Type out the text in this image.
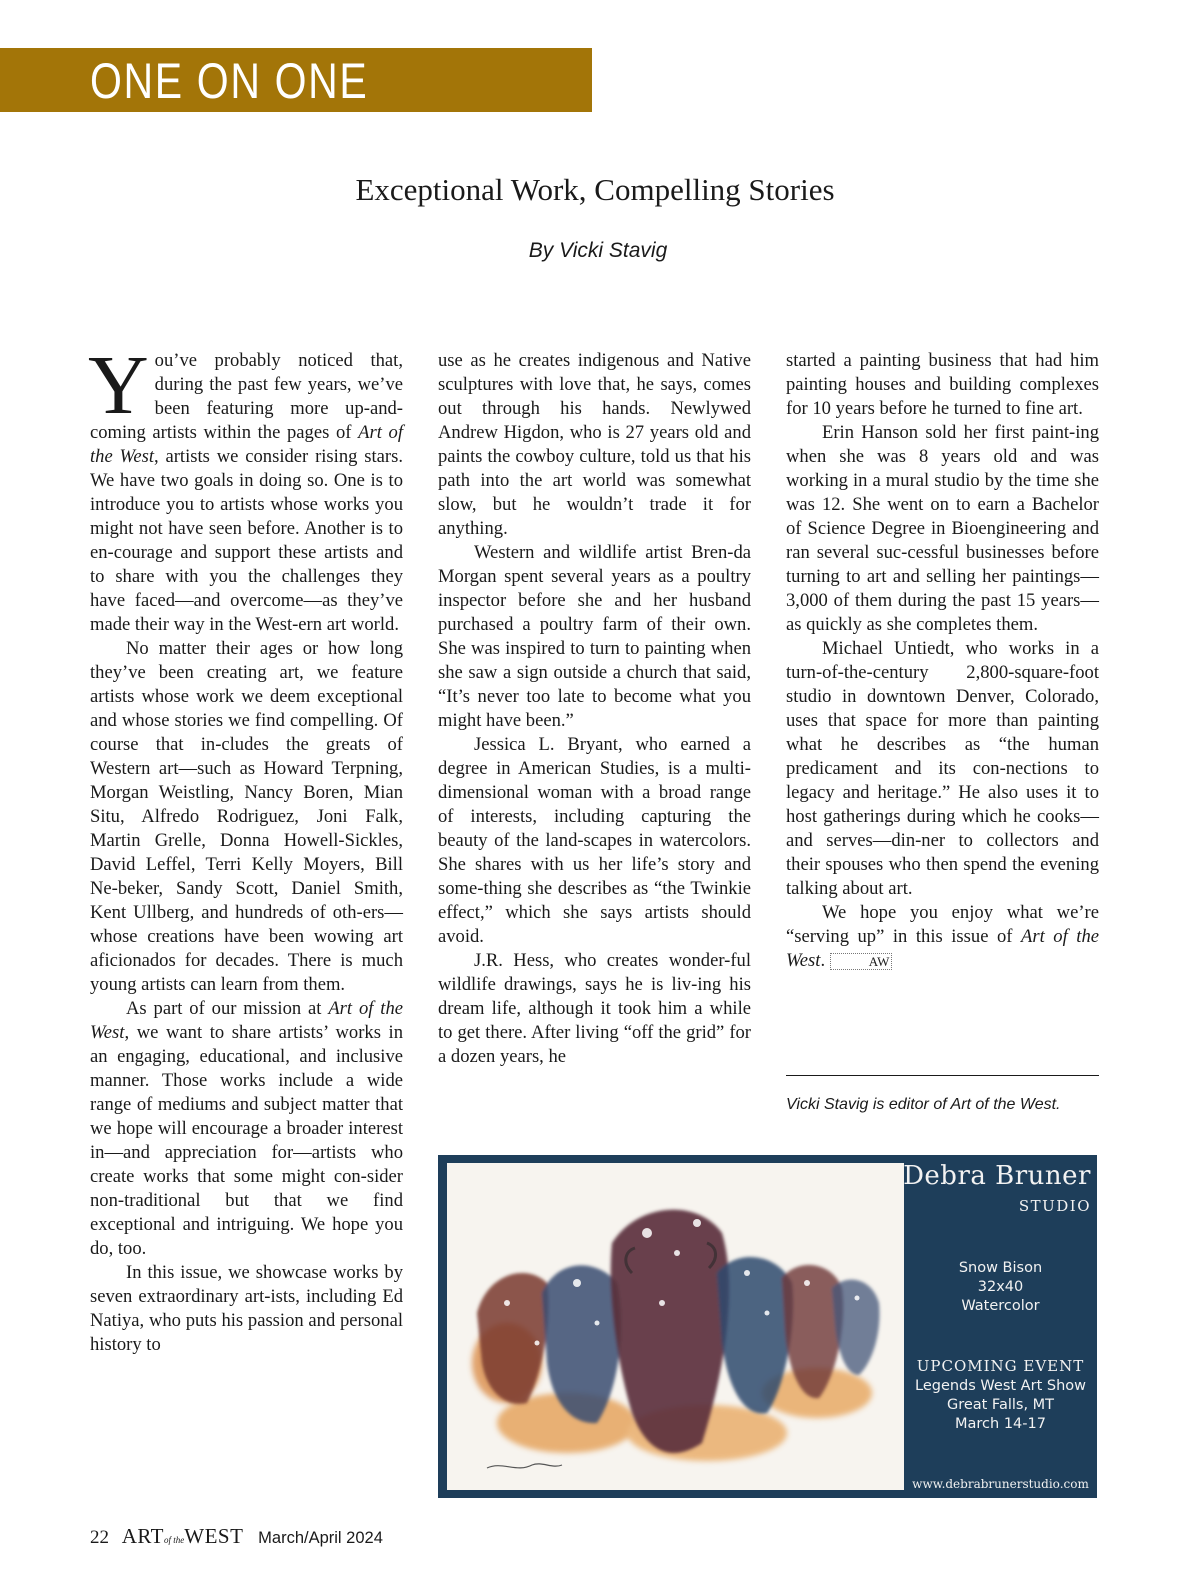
ONE ON ONE
Exceptional Work, Compelling Stories
By Vicki Stavig

You’ve probably noticed that, during the past few years, we’ve been featuring more up-and-coming artists within the pages of Art of the West, artists we consider rising stars. We have two goals in doing so. One is to introduce you to artists whose works you might not have seen before. Another is to en-courage and support these artists and to share with you the challenges they have faced—and overcome—as they’ve made their way in the West-ern art world.

No matter their ages or how long they’ve been creating art, we feature artists whose work we deem exceptional and whose stories we find compelling. Of course that in-cludes the greats of Western art—such as Howard Terpning, Morgan Weistling, Nancy Boren, Mian Situ, Alfredo Rodriguez, Joni Falk, Martin Grelle, Donna Howell-Sickles, David Leffel, Terri Kelly Moyers, Bill Ne-beker, Sandy Scott, Daniel Smith, Kent Ullberg, and hundreds of oth-ers—whose creations have been wowing art aficionados for decades. There is much young artists can learn from them.

As part of our mission at Art of the West, we want to share artists’ works in an engaging, educational, and inclusive manner. Those works include a wide range of mediums and subject matter that we hope will encourage a broader interest in—and appreciation for—artists who create works that some might con-sider non-traditional but that we find exceptional and intriguing. We hope you do, too.

In this issue, we showcase works by seven extraordinary art-ists, including Ed Natiya, who puts his passion and personal history to

use as he creates indigenous and Native sculptures with love that, he says, comes out through his hands. Newlywed Andrew Higdon, who is 27 years old and paints the cowboy culture, told us that his path into the art world was somewhat slow, but he wouldn’t trade it for anything.

Western and wildlife artist Bren-da Morgan spent several years as a poultry inspector before she and her husband purchased a poultry farm of their own. She was inspired to turn to painting when she saw a sign outside a church that said, “It’s never too late to become what you might have been.”

Jessica L. Bryant, who earned a degree in American Studies, is a multi-dimensional woman with a broad range of interests, including capturing the beauty of the land-scapes in watercolors. She shares with us her life’s story and some-thing she describes as “the Twinkie effect,” which she says artists should avoid.

J.R. Hess, who creates wonder-ful wildlife drawings, says he is liv-ing his dream life, although it took him a while to get there. After living “off the grid” for a dozen years, he

started a painting business that had him painting houses and building complexes for 10 years before he turned to fine art.

Erin Hanson sold her first paint-ing when she was 8 years old and was working in a mural studio by the time she was 12. She went on to earn a Bachelor of Science Degree in Bioengineering and ran several suc-cessful businesses before turning to art and selling her paintings—3,000 of them during the past 15 years—as quickly as she completes them.

Michael Untiedt, who works in a turn-of-the-century 2,800-square-foot studio in downtown Denver, Colorado, uses that space for more than painting what he describes as “the human predicament and its con-nections to legacy and heritage.” He also uses it to host gatherings during which he cooks—and serves—din-ner to collectors and their spouses who then spend the evening talking about art.

We hope you enjoy what we’re “serving up” in this issue of Art of the West.	AW

Vicki Stavig is editor of Art of the West.
Debra Bruner
STUDIO
Snow Bison
32x40
Watercolor
UPCOMING EVENT
Legends West Art Show
Great Falls, MT
March 14-17
www.debrabrunerstudio.com
22 ARTof theWEST March/April 2024
